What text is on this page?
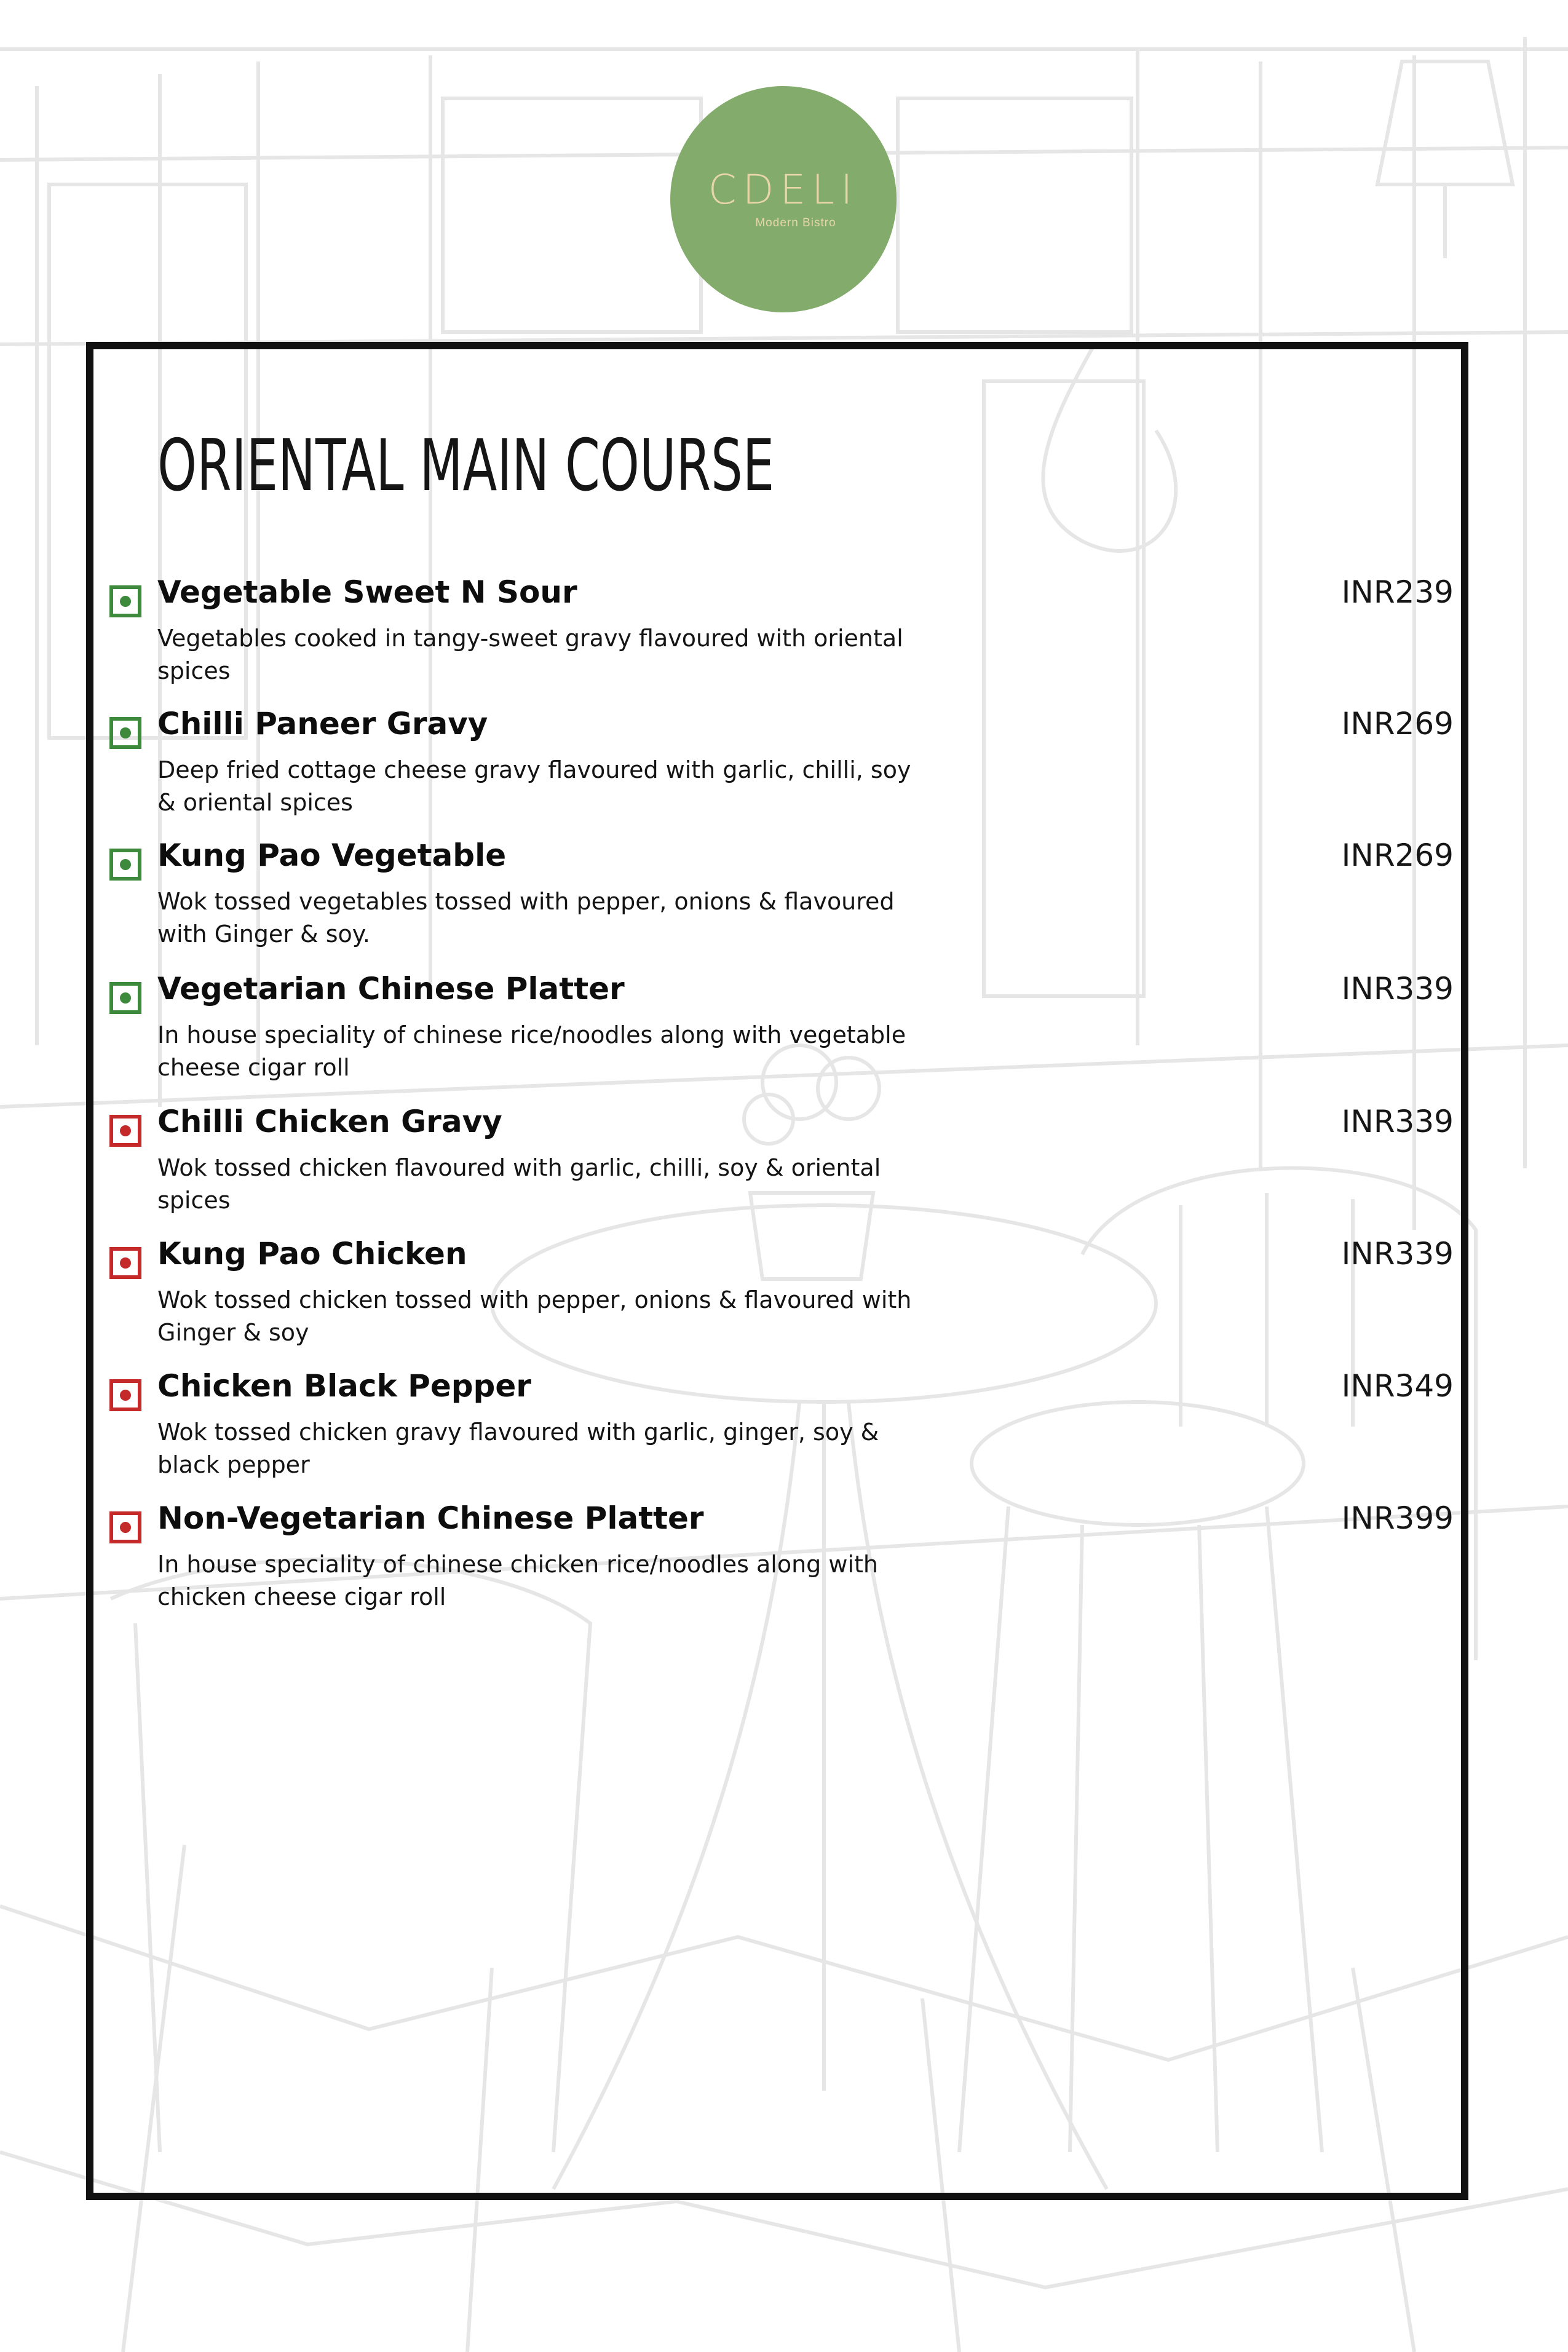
CDELI
Modern Bistro
ORIENTAL MAIN COURSE
Vegetable Sweet N Sour
Vegetables cooked in tangy-sweet gravy flavoured with oriental spices
INR239
Chilli Paneer Gravy
Deep fried cottage cheese gravy flavoured with garlic, chilli, soy & oriental spices
INR269
Kung Pao Vegetable
Wok tossed vegetables tossed with pepper, onions & flavoured with Ginger & soy.
INR269
Vegetarian Chinese Platter
In house speciality of chinese rice/noodles along with vegetable cheese cigar roll
INR339
Chilli Chicken Gravy
Wok tossed chicken flavoured with garlic, chilli, soy & oriental spices
INR339
Kung Pao Chicken
Wok tossed chicken tossed with pepper, onions & flavoured with Ginger & soy
INR339
Chicken Black Pepper
Wok tossed chicken gravy flavoured with garlic, ginger, soy & black pepper
INR349
Non-Vegetarian Chinese Platter
In house speciality of chinese chicken rice/noodles along with chicken cheese cigar roll
INR399
